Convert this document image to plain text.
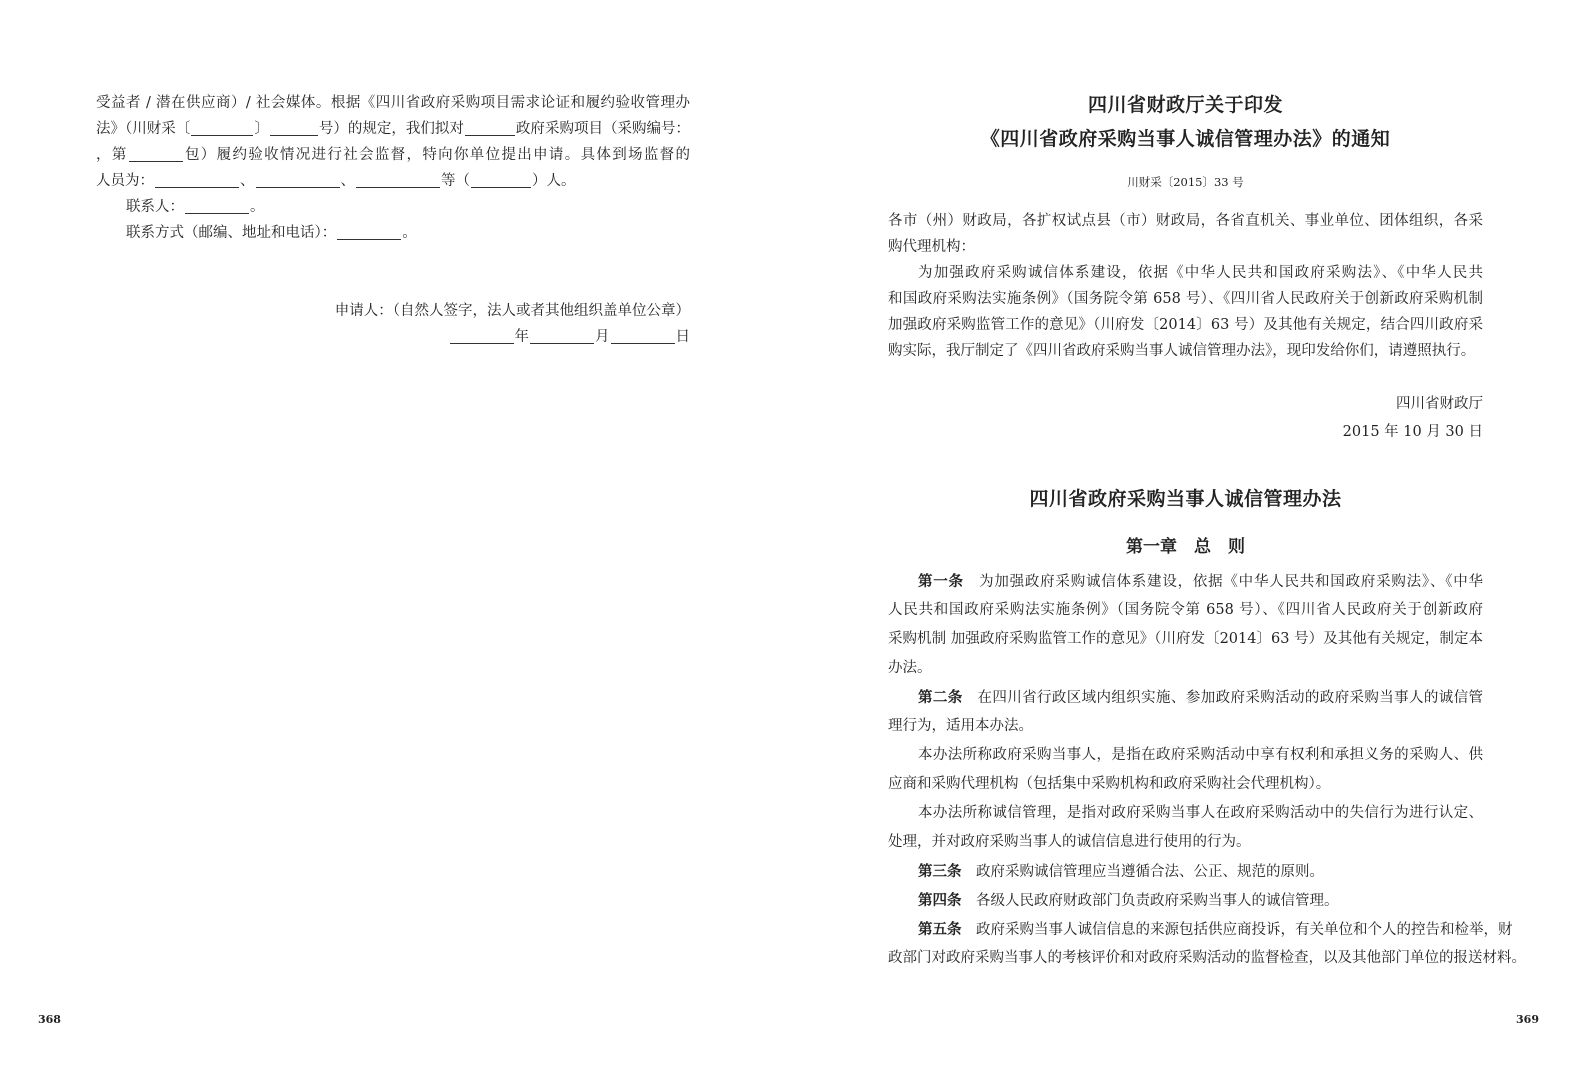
受益者 / 潜在供应商）/ 社会媒体。根据《四川省政府采购项目需求论证和履约验收管理办
法》（川财采〔	〕	号）的规定，我们拟对	政府采购项目（采购编号：
，第	包）履约验收情况进行社会监督，特向你单位提出申请。具体到场监督的
人员为：	、	、	等（	）人。
联系人：	。
联系方式（邮编、地址和电话）：	。
申请人：（自然人签字，法人或者其他组织盖单位公章）
年	月	日
368
四川省财政厅关于印发
《四川省政府采购当事人诚信管理办法》的通知
川财采〔2015〕33 号
各市（州）财政局，各扩权试点县（市）财政局，各省直机关、事业单位、团体组织，各采
购代理机构：
为加强政府采购诚信体系建设，依据《中华人民共和国政府采购法》、《中华人民共
和国政府采购法实施条例》（国务院令第 658 号）、《四川省人民政府关于创新政府采购机制
加强政府采购监管工作的意见》（川府发〔2014〕63 号）及其他有关规定，结合四川政府采
购实际，我厅制定了《四川省政府采购当事人诚信管理办法》，现印发给你们，请遵照执行。
四川省财政厅
2015 年 10 月 30 日
四川省政府采购当事人诚信管理办法
第一章　总　则
第一条  为加强政府采购诚信体系建设，依据《中华人民共和国政府采购法》、《中华
人民共和国政府采购法实施条例》（国务院令第 658 号）、《四川省人民政府关于创新政府
采购机制 加强政府采购监管工作的意见》（川府发〔2014〕63 号）及其他有关规定，制定本
办法。
第二条  在四川省行政区域内组织实施、参加政府采购活动的政府采购当事人的诚信管
理行为，适用本办法。
本办法所称政府采购当事人，是指在政府采购活动中享有权利和承担义务的采购人、供
应商和采购代理机构（包括集中采购机构和政府采购社会代理机构）。
本办法所称诚信管理，是指对政府采购当事人在政府采购活动中的失信行为进行认定、
处理，并对政府采购当事人的诚信信息进行使用的行为。
第三条  政府采购诚信管理应当遵循合法、公正、规范的原则。
第四条  各级人民政府财政部门负责政府采购当事人的诚信管理。
第五条  政府采购当事人诚信信息的来源包括供应商投诉，有关单位和个人的控告和检举，财
政部门对政府采购当事人的考核评价和对政府采购活动的监督检查，以及其他部门单位的报送材料。
369
